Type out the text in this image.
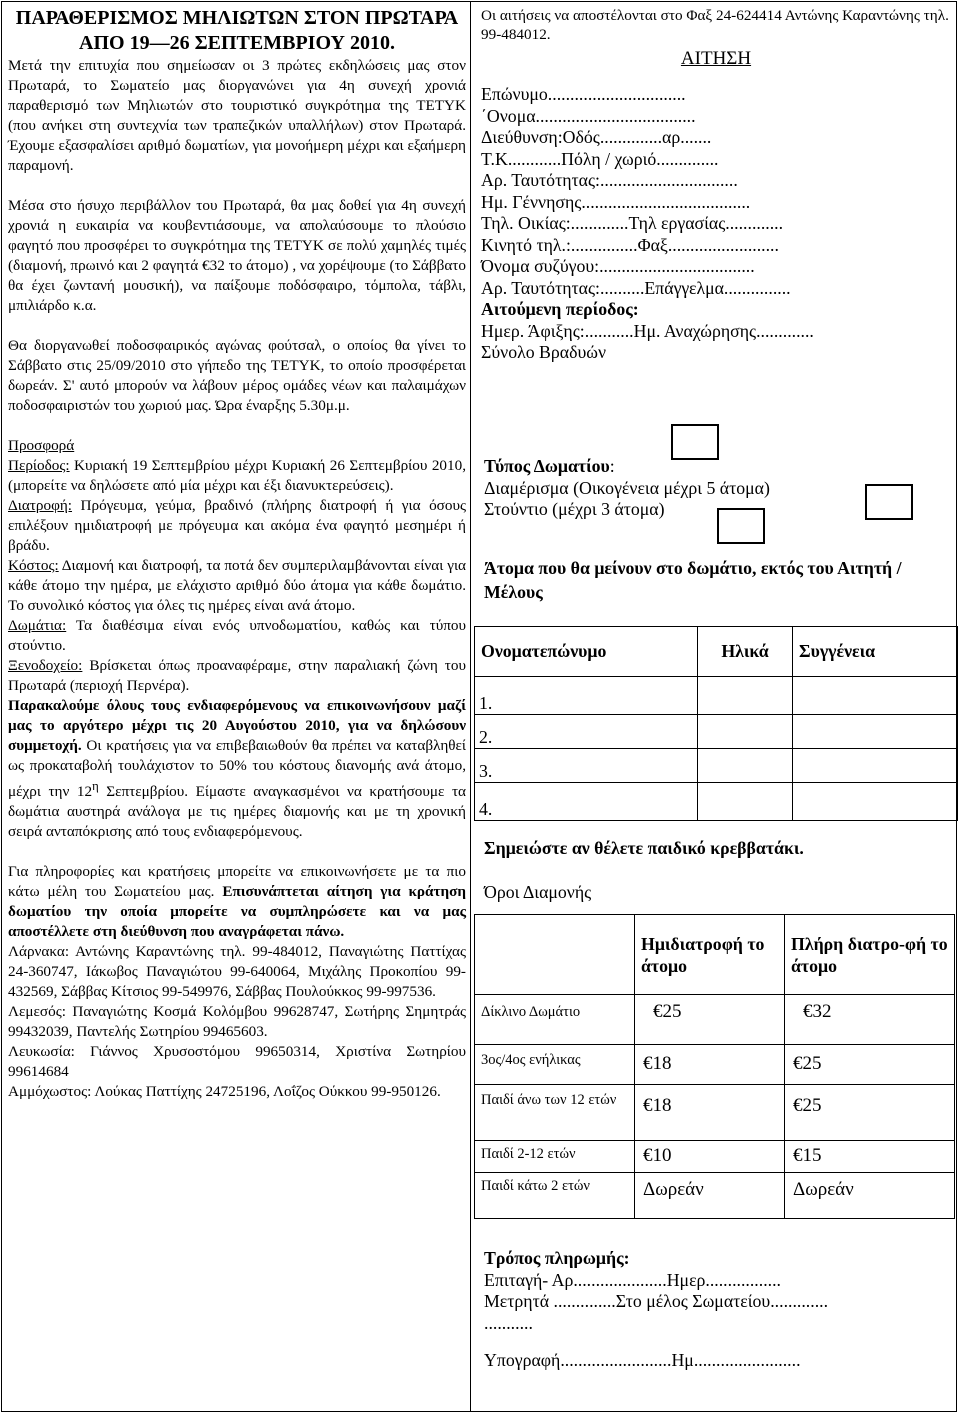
ΠΑΡΑΘΕΡΙΣΜΟΣ ΜΗΛΙΩΤΩΝ ΣΤΟΝ ΠΡΩΤΑΡΑ ΑΠΟ 19—26 ΣΕΠΤΕΜΒΡΙΟΥ 2010.

Μετά την επιτυχία που σημείωσαν οι 3 πρώτες εκδηλώσεις μας στον Πρωταρά, το Σωματείο μας διοργανώνει για 4η συνεχή χρονιά παραθερισμό των Μηλιωτών στο τουριστικό συγκρότημα της ΤΕΤΥΚ (που ανήκει στη συντεχνία των τραπεζικών υπαλλήλων) στον Πρωταρά. Έχουμε εξασφαλίσει αριθμό δωματίων, για μονοήμερη μέχρι και εξαήμερη παραμονή.

Μέσα στο ήσυχο περιβάλλον του Πρωταρά, θα μας δοθεί για 4η συνεχή χρονιά η ευκαιρία να κουβεντιάσουμε, να απολαύσουμε το πλούσιο φαγητό που προσφέρει το συγκρότημα της ΤΕΤΥΚ σε πολύ χαμηλές τιμές (διαμονή, πρωινό και 2 φαγητά €32 το άτομο) , να χορέψουμε (το Σάββατο θα έχει ζωντανή μουσική), να παίξουμε ποδόσφαιρο, τόμπολα, τάβλι, μπιλιάρδο κ.α.

Θα διοργανωθεί ποδοσφαιρικός αγώνας φούτσαλ, ο οποίος θα γίνει το Σάββατο στις 25/09/2010 στο γήπεδο της ΤΕΤΥΚ, το οποίο προσφέρεται δωρεάν. Σ' αυτό μπορούν να λάβουν μέρος ομάδες νέων και παλαιμάχων ποδοσφαιριστών του χωριού μας. Ώρα έναρξης 5.30μ.μ.

Προσφορά

Περίοδος: Κυριακή 19 Σεπτεμβρίου μέχρι Κυριακή 26 Σεπτεμβρίου 2010, (μπορείτε να δηλώσετε από μία μέχρι και έξι διανυκτερεύσεις).

Διατροφή: Πρόγευμα, γεύμα, βραδινό (πλήρης διατροφή ή για όσους επιλέξουν ημιδιατροφή με πρόγευμα και ακόμα ένα φαγητό μεσημέρι ή βράδυ.

Κόστος: Διαμονή και διατροφή, τα ποτά δεν συμπεριλαμβάνονται είναι για κάθε άτομο την ημέρα, με ελάχιστο αριθμό δύο άτομα για κάθε δωμάτιο. Το συνολικό κόστος για όλες τις ημέρες είναι ανά άτομο.

Δωμάτια: Τα διαθέσιμα είναι ενός υπνοδωματίου, καθώς και τύπου στούντιο.

Ξενοδοχείο: Βρίσκεται όπως προαναφέραμε, στην παραλιακή ζώνη του Πρωταρά (περιοχή Περνέρα).

Παρακαλούμε όλους τους ενδιαφερόμενους να επικοινωνήσουν μαζί μας το αργότερο μέχρι τις 20 Αυγούστου 2010, για να δηλώσουν συμμετοχή. Οι κρατήσεις για να επιβεβαιωθούν θα πρέπει να καταβληθεί ως προκαταβολή τουλάχιστον το 50% του κόστους διανομής ανά άτομο, μέχρι την $12^\eta$ Σεπτεμβρίου. Είμαστε αναγκασμένοι να κρατήσουμε τα δωμάτια αυστηρά ανάλογα με τις ημέρες διαμονής και με τη χρονική σειρά ανταπόκρισης από τους ενδιαφερόμενους.

Για πληροφορίες και κρατήσεις μπορείτε να επικοινωνήσετε με τα πιο κάτω μέλη του Σωματείου μας. Επισυνάπτεται αίτηση για κράτηση δωματίου την οποία μπορείτε να συμπληρώσετε και να μας αποστέλλετε στη διεύθυνση που αναγράφεται πάνω.

Λάρνακα: Αντώνης Καραντώνης τηλ. 99-484012, Παναγιώτης Παττίχας 24-360747, Ιάκωβος Παναγιώτου 99-640064, Μιχάλης Προκοπίου 99-432569, Σάββας Κίτσιος 99-549976, Σάββας Πουλούκκος 99-997536.

Λεμεσός: Παναγιώτης Κοσμά Κολόμβου 99628747, Σωτήρης Σημητράς 99432039, Παντελής Σωτηρίου 99465603.

Λευκωσία: Γιάννος Χρυσοστόμου 99650314, Χριστίνα Σωτηρίου 99614684

Αμμόχωστος: Λούκας Παττίχης 24725196, Λοΐζος Ούκκου 99-950126.

Οι αιτήσεις να αποστέλονται στο Φαξ 24-624414 Αντώνης Καραντώνης τηλ. 99-484012.
ΑΙΤΗΣΗ
Επώνυμο...............................
΄Ονομα....................................
Διεύθυνση:Οδός..............αρ.......
Τ.Κ............Πόλη / χωριό..............
Αρ. Ταυτότητας:...............................
Ημ. Γέννησης......................................
Τηλ. Οικίας:.............Τηλ εργασίας.............
Κινητό τηλ.:...............Φαξ.........................
Όνομα συζύγου:...................................
Αρ. Ταυτότητας:..........Επάγγελμα...............
Αιτούμενη περίοδος:
Ημερ. Άφιξης:...........Ημ. Αναχώρησης.............
Σύνολο Βραδυών
Τύπος Δωματίου:
Διαμέρισμα (Οικογένεια μέχρι 5 άτομα)
Στούντιο (μέχρι 3 άτομα)
Άτομα που θα μείνουν στο δωμάτιο, εκτός του Αιτητή / Μέλους
Ονοματεπώνυμο	Ηλικά	Συγγένεια
1.		
2.		
3.		
4.		
Σημειώστε αν θέλετε παιδικό κρεββατάκι.
Όροι Διαμονής
	Ημιδιατροφή το άτομο	Πλήρη διατρο-φή το άτομο
Δίκλινο Δωμάτιο	€25	€32
3ος/4ος ενήλικας	€18	€25
Παιδί άνω των 12 ετών	€18	€25
Παιδί 2-12 ετών	€10	€15
Παιδί κάτω 2 ετών	Δωρεάν	Δωρεάν
Τρόπος πληρωμής:
Επιταγή- Αρ.....................Ημερ.................
Μετρητά ..............Στο μέλος Σωματείου.............
...........
Υπογραφή.........................Ημ........................
